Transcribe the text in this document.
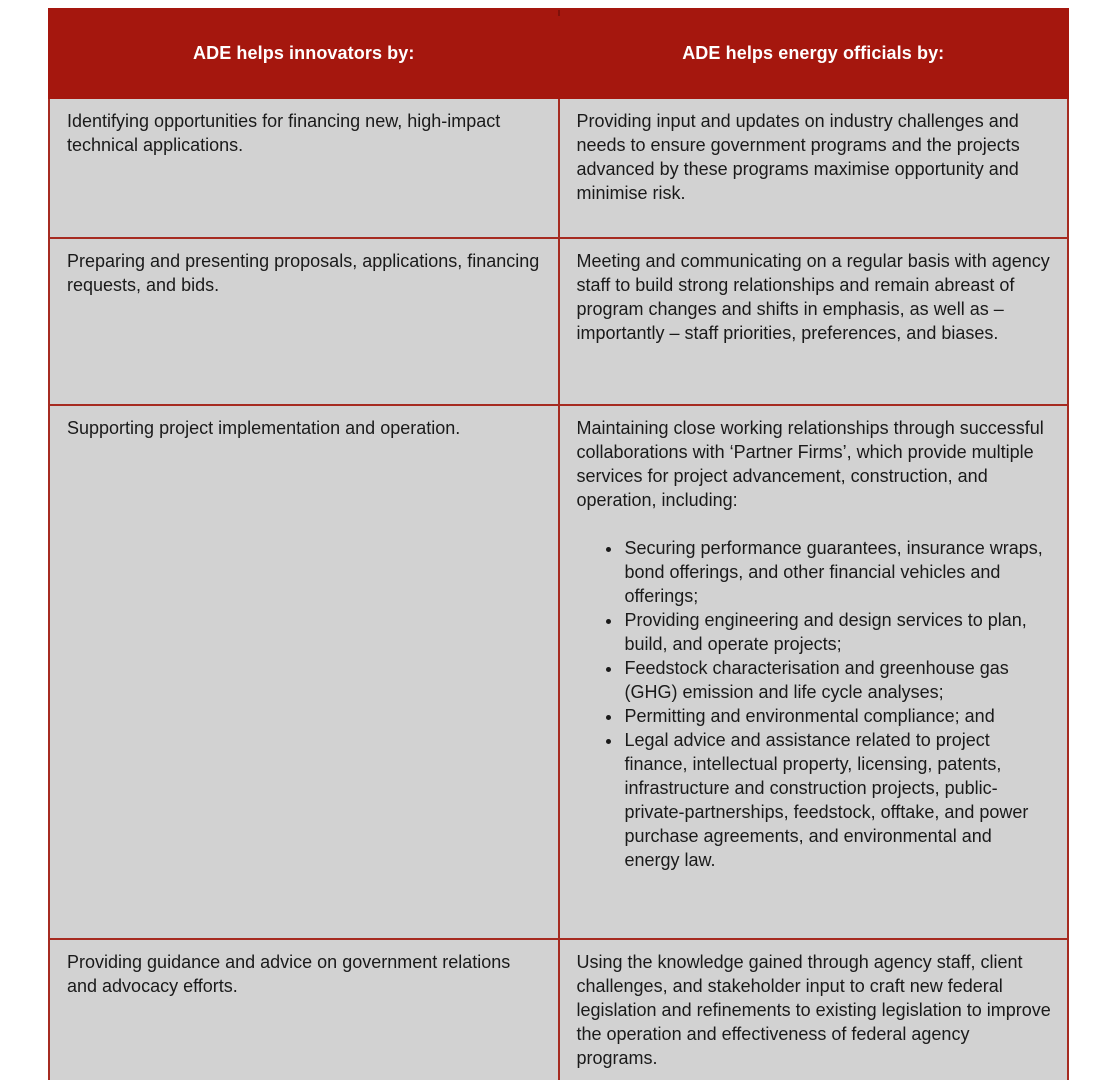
ADE helps innovators by:	ADE helps energy officials by:

Identifying opportunities for financing new, high-impact technical applications.	Providing input and updates on industry challenges and needs to ensure government programs and the projects advanced by these programs maximise opportunity and minimise risk.

Preparing and presenting proposals, applications, financing requests, and bids.	Meeting and communicating on a regular basis with agency staff to build strong relationships and remain abreast of program changes and shifts in emphasis, as well as – importantly – staff priorities, preferences, and biases.

Supporting project implementation and operation.	Maintaining close working relationships through successful collaborations with ‘Partner Firms’, which provide multiple services for project advancement, construction, and operation, including:

• Securing performance guarantees, insurance wraps, bond offerings, and other financial vehicles and offerings;
• Providing engineering and design services to plan, build, and operate projects;
• Feedstock characterisation and greenhouse gas (GHG) emission and life cycle analyses;
• Permitting and environmental compliance; and
• Legal advice and assistance related to project finance, intellectual property, licensing, patents, infrastructure and construction projects, public-private-partnerships, feedstock, offtake, and power purchase agreements, and environmental and energy law.

Providing guidance and advice on government relations and advocacy efforts.	Using the knowledge gained through agency staff, client challenges, and stakeholder input to craft new federal legislation and refinements to existing legislation to improve the operation and effectiveness of federal agency programs.
